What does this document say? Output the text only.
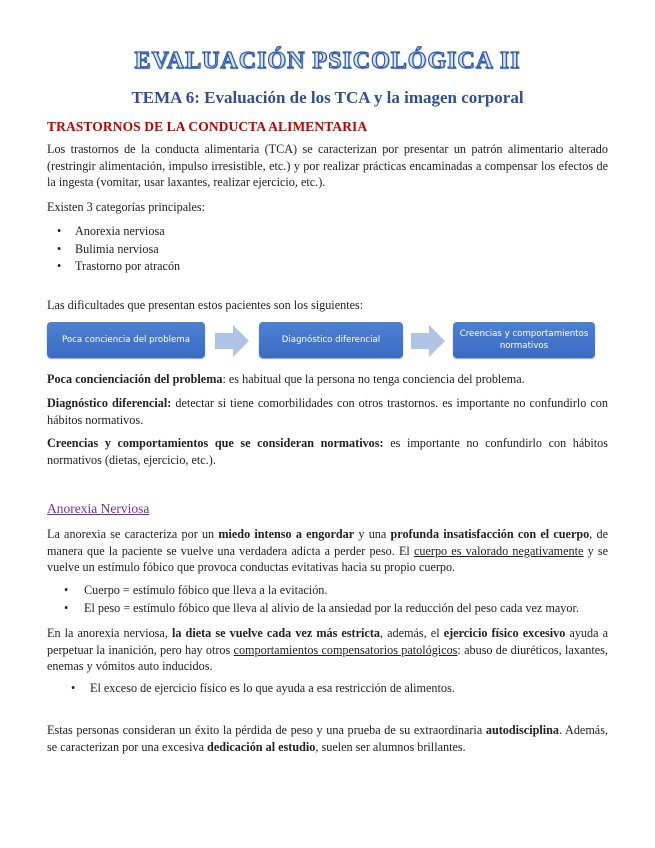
EVALUACIÓN PSICOLÓGICA II
TEMA 6: Evaluación de los TCA y la imagen corporal
TRASTORNOS DE LA CONDUCTA ALIMENTARIA
Los trastornos de la conducta alimentaria (TCA) se caracterizan por presentar un patrón alimentario alterado (restringir alimentación, impulso irresistible, etc.) y por realizar prácticas encaminadas a compensar los efectos de la ingesta (vomitar, usar laxantes, realizar ejercicio, etc.).
Existen 3 categorías principales:
• Anorexia nerviosa
• Bulimia nerviosa
• Trastorno por atracón
Las dificultades que presentan estos pacientes son los siguientes:
Poca conciencia del problema	Diagnóstico diferencial
Creencias y comportamientos normativos
Poca concienciación del problema: es habitual que la persona no tenga conciencia del problema.
Diagnóstico diferencial: detectar si tiene comorbilidades con otros trastornos. es importante no confundirlo con hábitos normativos.
Creencias y comportamientos que se consideran normativos: es importante no confundirlo con hábitos normativos (dietas, ejercicio, etc.).
Anorexia Nerviosa
La anorexia se caracteriza por un miedo intenso a engordar y una profunda insatisfacción con el cuerpo, de manera que la paciente se vuelve una verdadera adicta a perder peso. El cuerpo es valorado negativamente y se vuelve un estímulo fóbico que provoca conductas evitativas hacia su propio cuerpo.
• Cuerpo = estímulo fóbico que lleva a la evitación.
• El peso = estímulo fóbico que lleva al alivio de la ansiedad por la reducción del peso cada vez mayor.
En la anorexia nerviosa, la dieta se vuelve cada vez más estricta, además, el ejercicio físico excesivo ayuda a perpetuar la inanición, pero hay otros comportamientos compensatorios patológicos: abuso de diuréticos, laxantes, enemas y vómitos auto inducidos.
• El exceso de ejercicio físico es lo que ayuda a esa restricción de alimentos.
Estas personas consideran un éxito la pérdida de peso y una prueba de su extraordinaria autodisciplina. Además, se caracterizan por una excesiva dedicación al estudio, suelen ser alumnos brillantes.
